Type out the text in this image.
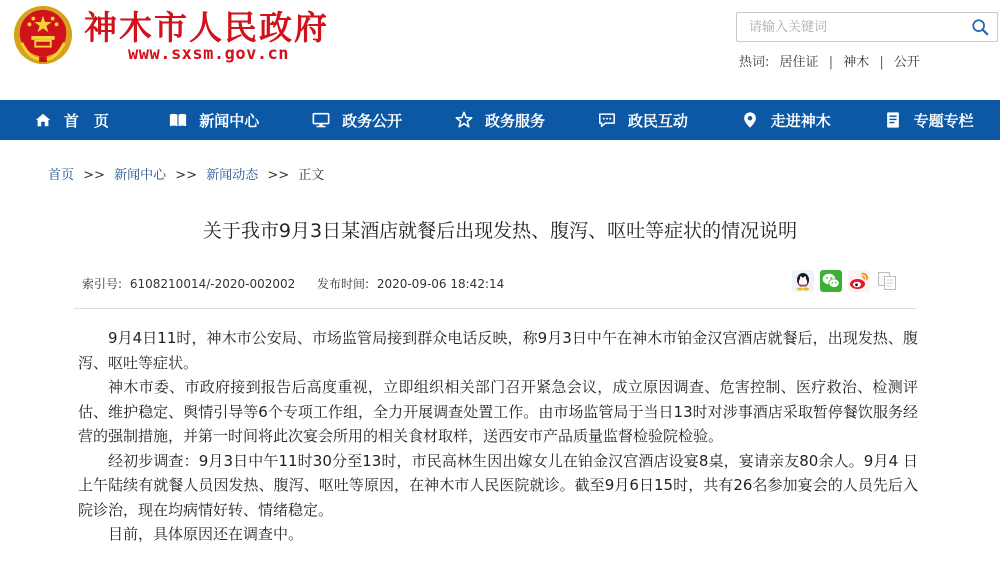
神木市人民政府
www.sxsm.gov.cn
请输入关键词	热词: 居住证 | 神木 | 公开
首　页	新闻中心	政务公开	政务服务	政民互动	走进神木	专题专栏
首页 >> 新闻中心 >> 新闻动态 >> 正文
关于我市9月3日某酒店就餐后出现发热、腹泻、呕吐等症状的情况说明
索引号: 6108210014/-2020-002002 发布时间: 2020-09-06 18:42:14

9月4日11时，神木市公安局、市场监管局接到群众电话反映，称9月3日中午在神木市铂金汉宫酒店就餐后，出现发热、腹泻、呕吐等症状。

神木市委、市政府接到报告后高度重视，立即组织相关部门召开紧急会议，成立原因调查、危害控制、医疗救治、检测评估、维护稳定、舆情引导等6个专项工作组，全力开展调查处置工作。由市场监管局于当日13时对涉事酒店采取暂停餐饮服务经营的强制措施，并第一时间将此次宴会所用的相关食材取样，送西安市产品质量监督检验院检验。

经初步调查：9月3日中午11时30分至13时，市民高林生因出嫁女儿在铂金汉宫酒店设宴8桌，宴请亲友80余人。9月4 日上午陆续有就餐人员因发热、腹泻、呕吐等原因，在神木市人民医院就诊。截至9月6日15时，共有26名参加宴会的人员先后入院诊治，现在均病情好转、情绪稳定。

目前，具体原因还在调查中。
